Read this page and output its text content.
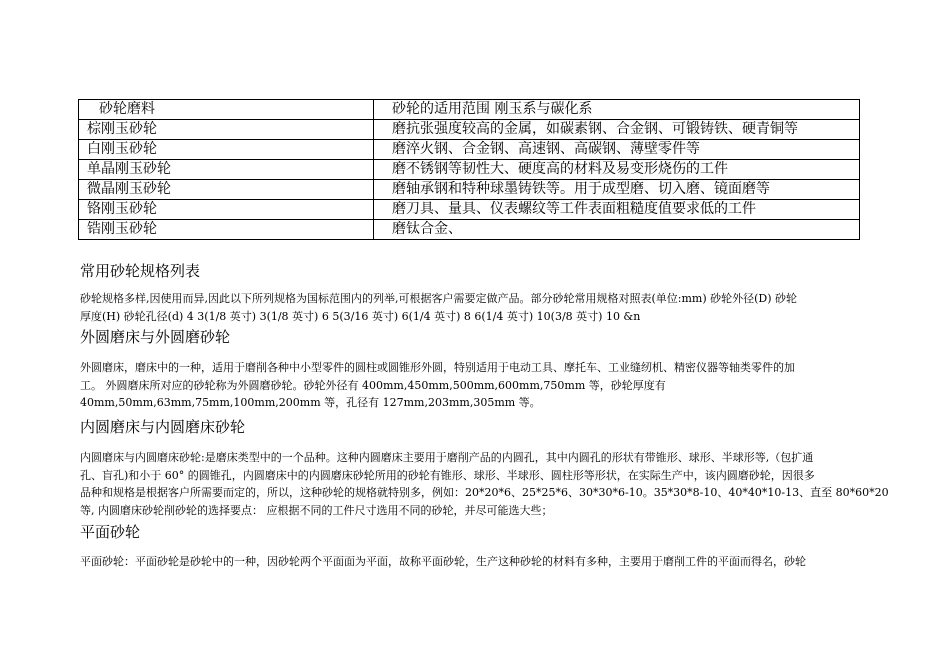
砂轮磨料	砂轮的适用范围 刚玉系与碳化系
棕刚玉砂轮	磨抗张强度较高的金属，如碳素钢、合金钢、可锻铸铁、硬青铜等
白刚玉砂轮	磨淬火钢、合金钢、高速钢、高碳钢、薄壁零件等
单晶刚玉砂轮	磨不锈钢等韧性大、硬度高的材料及易变形烧伤的工件
微晶刚玉砂轮	磨轴承钢和特种球墨铸铁等。用于成型磨、切入磨、镜面磨等
铬刚玉砂轮	磨刀具、量具、仪表螺纹等工件表面粗糙度值要求低的工件
锆刚玉砂轮	磨钛合金、
常用砂轮规格列表
砂轮规格多样,因使用而异,因此以下所列规格为国标范围内的列举,可根据客户需要定做产品。部分砂轮常用规格对照表(单位:mm) 砂轮外径(D) 砂轮
厚度(H) 砂轮孔径(d) 4 3(1/8 英寸) 3(1/8 英寸) 6 5(3/16 英寸) 6(1/4 英寸) 8 6(1/4 英寸) 10(3/8 英寸) 10 &n
外圆磨床与外圆磨砂轮
外圆磨床，磨床中的一种，适用于磨削各种中小型零件的圆柱或圆锥形外圆，特别适用于电动工具、摩托车、工业缝纫机、精密仪器等轴类零件的加
工。 外圆磨床所对应的砂轮称为外圆磨砂轮。砂轮外径有 400mm,450mm,500mm,600mm,750mm 等，砂轮厚度有
40mm,50mm,63mm,75mm,100mm,200mm 等，孔径有 127mm,203mm,305mm 等。
内圆磨床与内圆磨床砂轮
内圆磨床与内圆磨床砂轮:是磨床类型中的一个品种。这种内圆磨床主要用于磨削产品的内圆孔，其中内圆孔的形状有带锥形、球形、半球形等,（包扩通
孔、盲孔)和小于 60° 的圆锥孔，内圆磨床中的内圆磨床砂轮所用的砂轮有锥形、球形、半球形、圆柱形等形状，在实际生产中，该内圆磨砂轮，因很多
品种和规格是根据客户所需要而定的，所以，这种砂轮的规格就特别多，例如：20*20*6、25*25*6、30*30*6-10。35*30*8-10、40*40*10-13、直至 80*60*20
等, 内圆磨床砂轮削砂轮的选择要点： 应根据不同的工件尺寸选用不同的砂轮，并尽可能选大些；
平面砂轮
平面砂轮：平面砂轮是砂轮中的一种，因砂轮两个平面面为平面，故称平面砂轮，生产这种砂轮的材料有多种，主要用于磨削工件的平面而得名，砂轮
